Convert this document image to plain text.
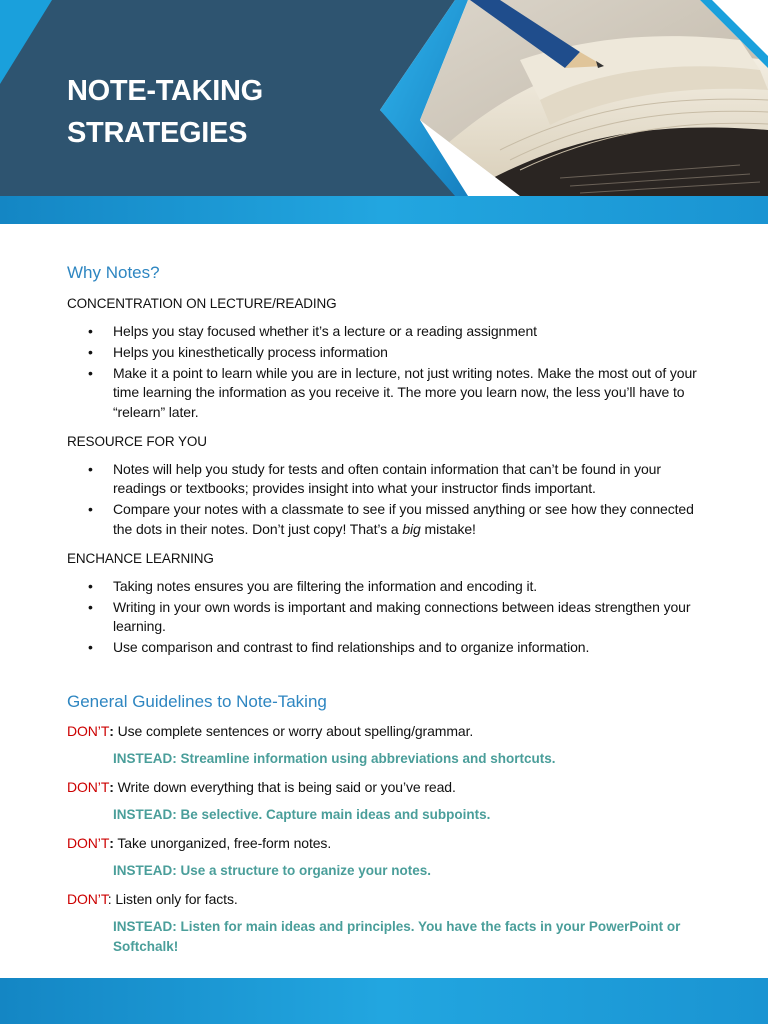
NOTE-TAKING
STRATEGIES
Why Notes?
CONCENTRATION ON LECTURE/READING
• Helps you stay focused whether it’s a lecture or a reading assignment
• Helps you kinesthetically process information
• Make it a point to learn while you are in lecture, not just writing notes. Make the most out of your time learning the information as you receive it. The more you learn now, the less you’ll have to “relearn” later.
RESOURCE FOR YOU
• Notes will help you study for tests and often contain information that can’t be found in your readings or textbooks; provides insight into what your instructor finds important.
• Compare your notes with a classmate to see if you missed anything or see how they connected the dots in their notes. Don’t just copy! That’s a big mistake!
ENCHANCE LEARNING
• Taking notes ensures you are filtering the information and encoding it.
• Writing in your own words is important and making connections between ideas strengthen your learning.
• Use comparison and contrast to find relationships and to organize information.
General Guidelines to Note-Taking
DON’T: Use complete sentences or worry about spelling/grammar.
INSTEAD: Streamline information using abbreviations and shortcuts.
DON’T: Write down everything that is being said or you’ve read.
INSTEAD: Be selective. Capture main ideas and subpoints.
DON’T: Take unorganized, free-form notes.
INSTEAD: Use a structure to organize your notes.
DON’T: Listen only for facts.
INSTEAD: Listen for main ideas and principles. You have the facts in your PowerPoint or Softchalk!
